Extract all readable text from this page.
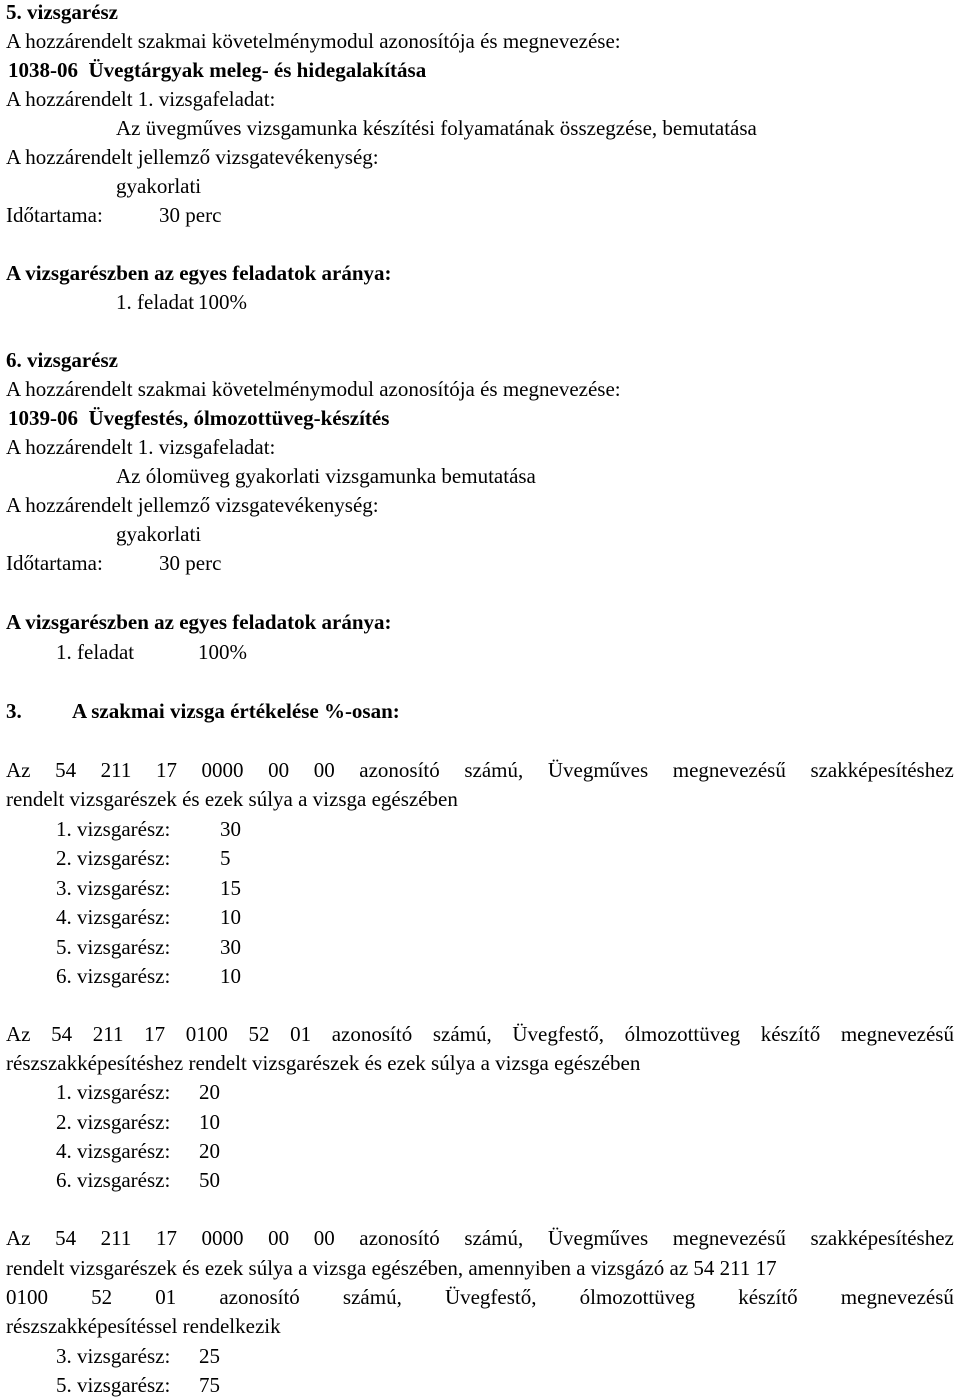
5. vizsgarész
A hozzárendelt szakmai követelménymodul azonosítója és megnevezése:
1038-06  Üvegtárgyak meleg- és hidegalakítása
A hozzárendelt 1. vizsgafeladat:
Az üvegműves vizsgamunka készítési folyamatának összegzése, bemutatása
A hozzárendelt jellemző vizsgatevékenység:
gyakorlati
Időtartama:	30 perc
A vizsgarészben az egyes feladatok aránya:
1. feladat 100%
6. vizsgarész
A hozzárendelt szakmai követelménymodul azonosítója és megnevezése:
1039-06  Üvegfestés, ólmozottüveg-készítés
A hozzárendelt 1. vizsgafeladat:
Az ólomüveg gyakorlati vizsgamunka bemutatása
A hozzárendelt jellemző vizsgatevékenység:
gyakorlati
Időtartama:	30 perc
A vizsgarészben az egyes feladatok aránya:
1. feladat	100%
3. A szakmai vizsga értékelése %-osan:
Az 54 211 17 0000 00 00 azonosító számú, Üvegműves megnevezésű szakképesítéshez
rendelt vizsgarészek és ezek súlya a vizsga egészében
1. vizsgarész: 30
2. vizsgarész: 5
3. vizsgarész: 15
4. vizsgarész: 10
5. vizsgarész: 30
6. vizsgarész: 10
Az 54 211 17 0100 52 01 azonosító számú, Üvegfestő, ólmozottüveg készítő megnevezésű
részszakképesítéshez rendelt vizsgarészek és ezek súlya a vizsga egészében
1. vizsgarész: 20
2. vizsgarész: 10
4. vizsgarész: 20
6. vizsgarész: 50
Az 54 211 17 0000 00 00 azonosító számú, Üvegműves megnevezésű szakképesítéshez
rendelt vizsgarészek és ezek súlya a vizsga egészében, amennyiben a vizsgázó az 54 211 17
0100 52 01 azonosító számú, Üvegfestő, ólmozottüveg készítő megnevezésű
részszakképesítéssel rendelkezik
3. vizsgarész: 25
5. vizsgarész: 75
